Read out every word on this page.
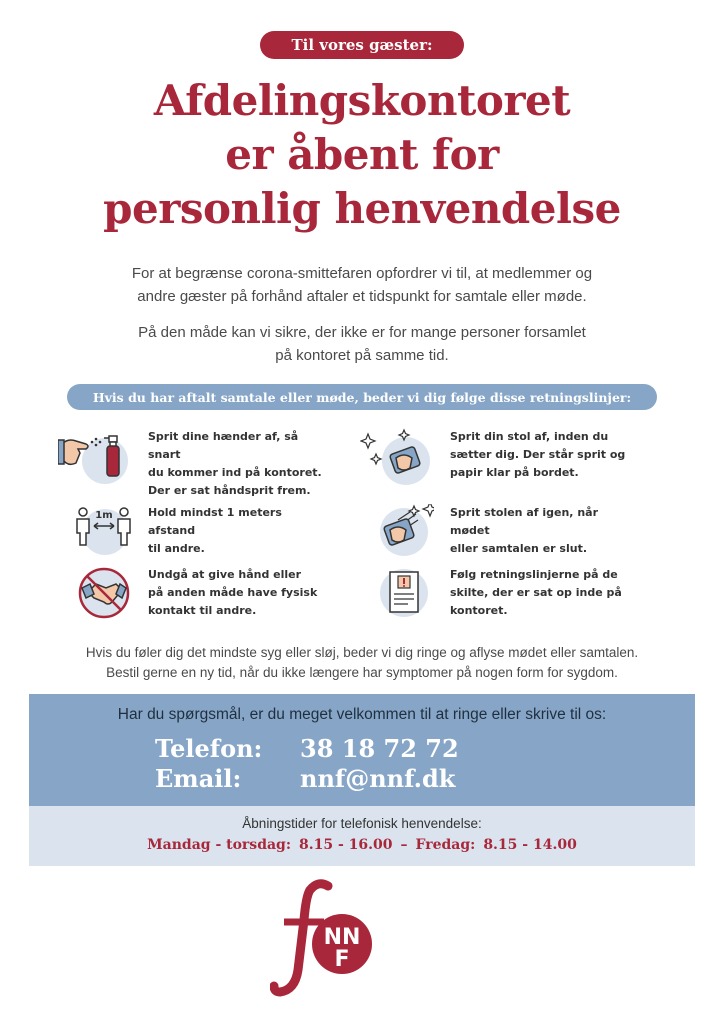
Til vores gæster:
Afdelingskontoret
er åbent for
personlig henvendelse
For at begrænse corona-smittefaren opfordrer vi til, at medlemmer og
andre gæster på forhånd aftaler et tidspunkt for samtale eller møde.
På den måde kan vi sikre, der ikke er for mange personer forsamlet
på kontoret på samme tid.
Hvis du har aftalt samtale eller møde, beder vi dig følge disse retningslinjer:
Sprit dine hænder af, så snart
du kommer ind på kontoret.
Der er sat håndsprit frem.
1m	Hold mindst 1 meters afstand
til andre.
Undgå at give hånd eller
på anden måde have fysisk
kontakt til andre.
Sprit din stol af, inden du
sætter dig. Der står sprit og
papir klar på bordet.
Sprit stolen af igen, når mødet
eller samtalen er slut.
Følg retningslinjerne på de
skilte, der er sat op inde på
kontoret.
Hvis du føler dig det mindste syg eller sløj, beder vi dig ringe og aflyse mødet eller samtalen.
Bestil gerne en ny tid, når du ikke længere har symptomer på nogen form for sygdom.
Har du spørgsmål, er du meget velkommen til at ringe eller skrive til os:
Telefon: 38 18 72 72
Email: nnf@nnf.dk
Åbningstider for telefonisk henvendelse:
Mandag - torsdag: 8.15 - 16.00 – Fredag: 8.15 - 14.00
NN
F
